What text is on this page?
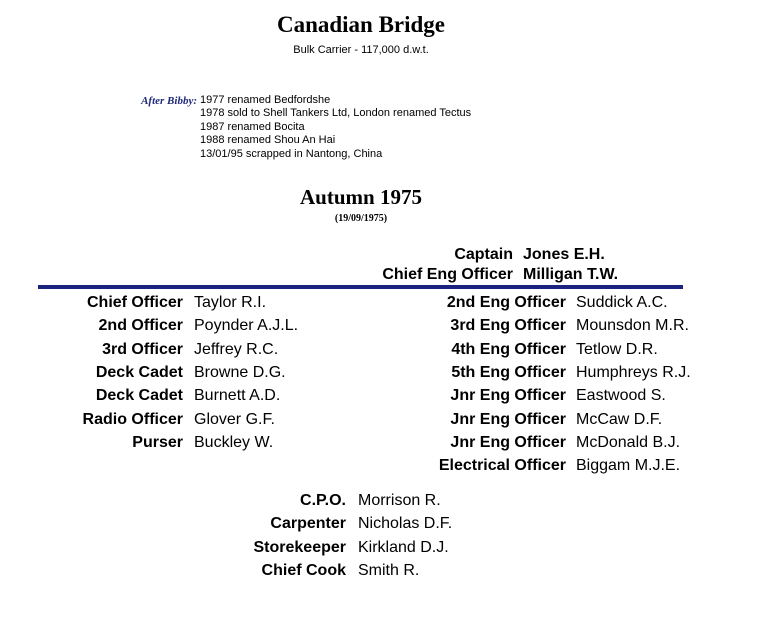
Canadian Bridge
Bulk Carrier - 117,000 d.w.t.
After Bibby: 1977 renamed Bedfordshe
1978 sold to Shell Tankers Ltd, London renamed Tectus
1987 renamed Bocita
1988 renamed Shou An Hai
13/01/95 scrapped in Nantong, China
Autumn 1975
(19/09/1975)
Captain Jones E.H.
Chief Eng Officer Milligan T.W.
Chief Officer Taylor R.I.
2nd Officer Poynder A.J.L.
3rd Officer Jeffrey R.C.
Deck Cadet Browne D.G.
Deck Cadet Burnett A.D.
Radio Officer Glover G.F.
Purser Buckley W.
2nd Eng Officer Suddick A.C.
3rd Eng Officer Mounsdon M.R.
4th Eng Officer Tetlow D.R.
5th Eng Officer Humphreys R.J.
Jnr Eng Officer Eastwood S.
Jnr Eng Officer McCaw D.F.
Jnr Eng Officer McDonald B.J.
Electrical Officer Biggam M.J.E.
C.P.O. Morrison R.
Carpenter Nicholas D.F.
Storekeeper Kirkland D.J.
Chief Cook Smith R.
